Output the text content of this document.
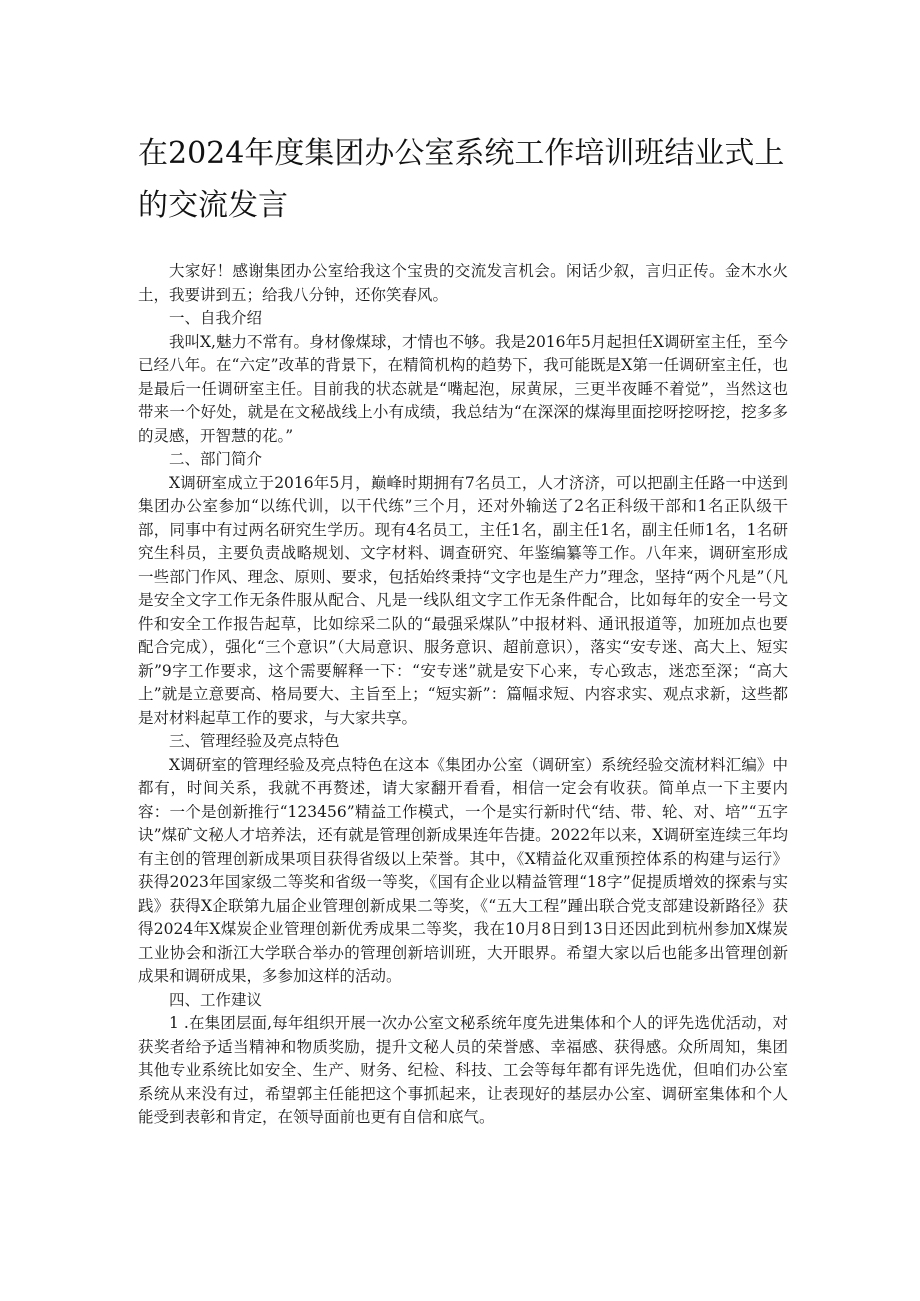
在2024年度集团办公室系统工作培训班结业式上的交流发言

大家好！感谢集团办公室给我这个宝贵的交流发言机会。闲话少叙，言归正传。金木水火土，我要讲到五；给我八分钟，还你笑春风。

一、自我介绍

我叫X,魅力不常有。身材像煤球，才情也不够。我是2016年5月起担任X调研室主任，至今已经八年。在“六定”改革的背景下，在精简机构的趋势下，我可能既是X第一任调研室主任，也是最后一任调研室主任。目前我的状态就是“嘴起泡，尿黄尿，三更半夜睡不着觉”，当然这也带来一个好处，就是在文秘战线上小有成绩，我总结为“在深深的煤海里面挖呀挖呀挖，挖多多的灵感，开智慧的花。”

二、部门简介

X调研室成立于2016年5月，巅峰时期拥有7名员工，人才济济，可以把副主任路一中送到集团办公室参加“以练代训，以干代练”三个月，还对外输送了2名正科级干部和1名正队级干部，同事中有过两名研究生学历。现有4名员工，主任1名，副主任1名，副主任师1名，1名研究生科员，主要负责战略规划、文字材料、调查研究、年鉴编纂等工作。八年来，调研室形成一些部门作风、理念、原则、要求，包括始终秉持“文字也是生产力”理念，坚持“两个凡是”（凡是安全文字工作无条件服从配合、凡是一线队组文字工作无条件配合，比如每年的安全一号文件和安全工作报告起草，比如综采二队的“最强采煤队”中报材料、通讯报道等，加班加点也要配合完成），强化“三个意识”（大局意识、服务意识、超前意识），落实“安专迷、高大上、短实新”9字工作要求，这个需要解释一下：“安专迷”就是安下心来，专心致志，迷恋至深；“高大上”就是立意要高、格局要大、主旨至上；“短实新”：篇幅求短、内容求实、观点求新，这些都是对材料起草工作的要求，与大家共享。

三、管理经验及亮点特色

X调研室的管理经验及亮点特色在这本《集团办公室（调研室）系统经验交流材料汇编》中都有，时间关系，我就不再赘述，请大家翻开看看，相信一定会有收获。简单点一下主要内容：一个是创新推行“123456”精益工作模式，一个是实行新时代“结、带、轮、对、培”“五字诀”煤矿文秘人才培养法，还有就是管理创新成果连年告捷。2022年以来，X调研室连续三年均有主创的管理创新成果项目获得省级以上荣誉。其中，《X精益化双重预控体系的构建与运行》获得2023年国家级二等奖和省级一等奖，《国有企业以精益管理“18字”促提质增效的探索与实践》获得X企联第九届企业管理创新成果二等奖，《“五大工程”踵出联合党支部建设新路径》获得2024年X煤炭企业管理创新优秀成果二等奖，我在10月8日到13日还因此到杭州参加X煤炭工业协会和浙江大学联合举办的管理创新培训班，大开眼界。希望大家以后也能多出管理创新成果和调研成果，多参加这样的活动。

四、工作建议

1 .在集团层面,每年组织开展一次办公室文秘系统年度先进集体和个人的评先选优活动，对获奖者给予适当精神和物质奖励，提升文秘人员的荣誉感、幸福感、获得感。众所周知，集团其他专业系统比如安全、生产、财务、纪检、科技、工会等每年都有评先选优，但咱们办公室系统从来没有过，希望郭主任能把这个事抓起来，让表现好的基层办公室、调研室集体和个人能受到表彰和肯定，在领导面前也更有自信和底气。
